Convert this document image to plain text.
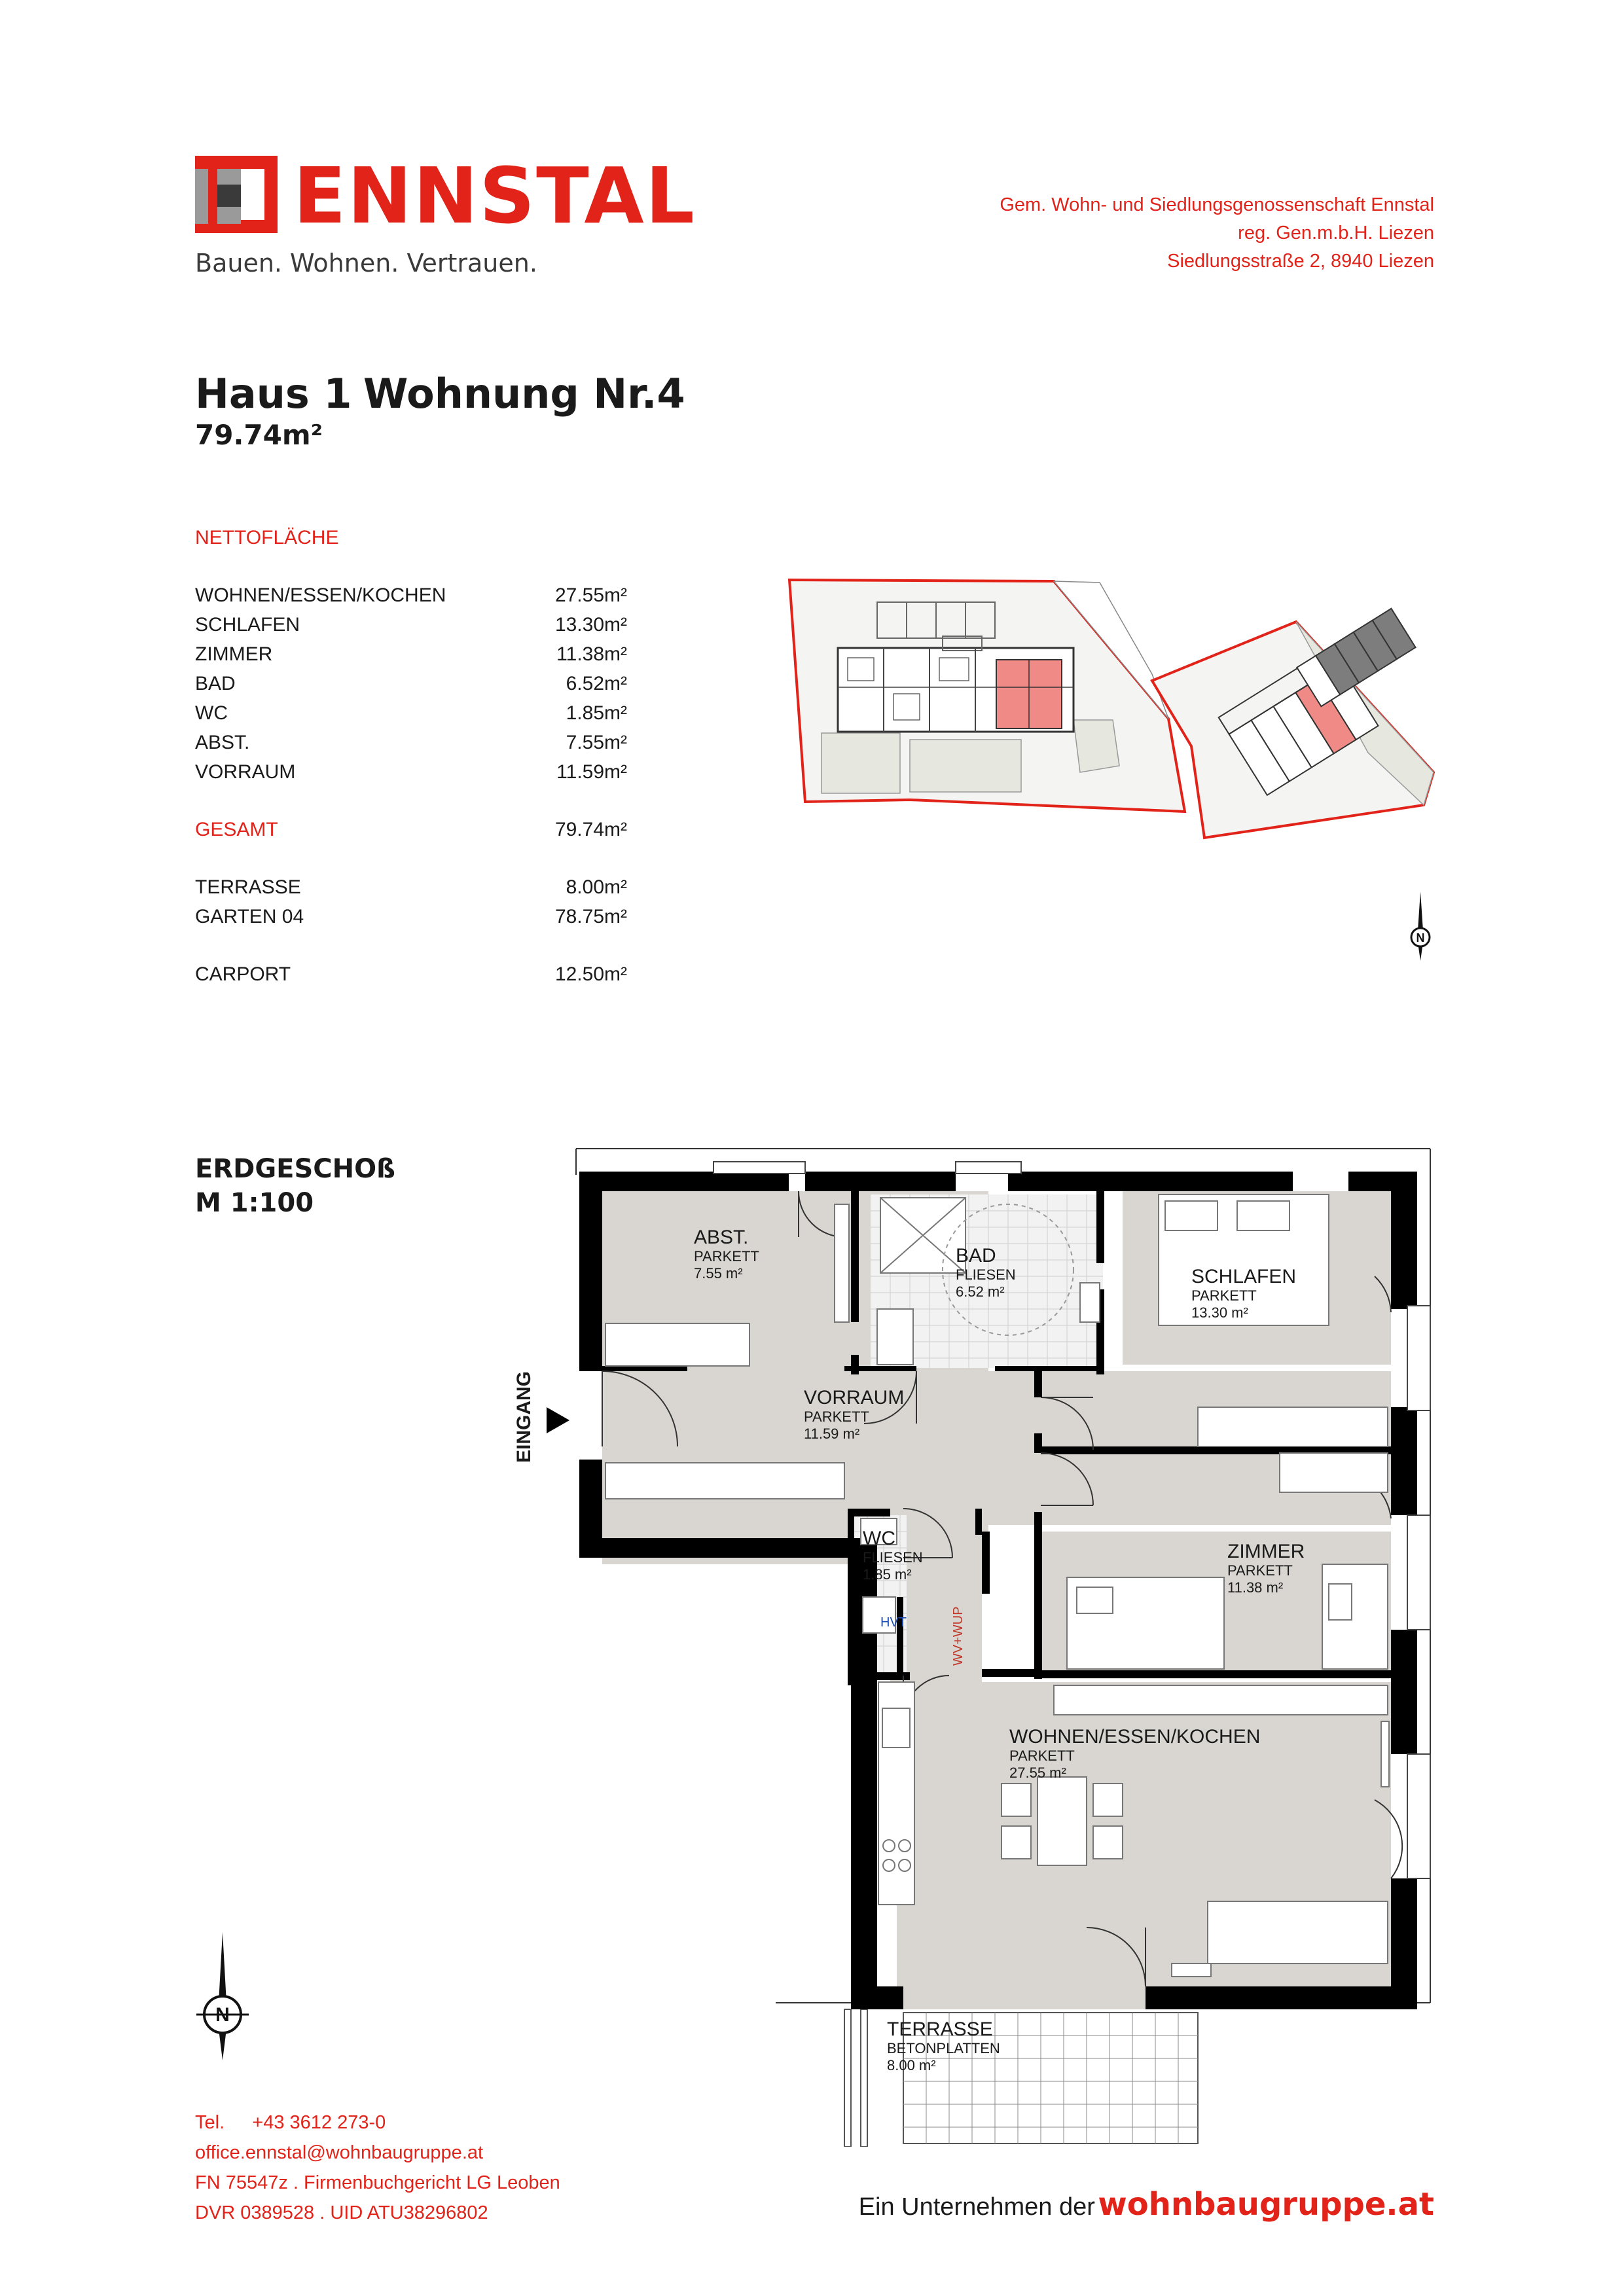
ENNSTAL
Bauen. Wohnen. Vertrauen.
Gem. Wohn- und Siedlungsgenossenschaft Ennstal
reg. Gen.m.b.H. Liezen
Siedlungsstraße 2, 8940 Liezen
Haus 1 Wohnung Nr.4
79.74m²
NETTOFLÄCHE
WOHNEN/ESSEN/KOCHEN	27.55m²
SCHLAFEN	13.30m²
ZIMMER	11.38m²
BAD	6.52m²
WC	1.85m²
ABST.	7.55m²
VORRAUM	11.59m²
GESAMT	79.74m²
TERRASSE	8.00m²
GARTEN 04	78.75m²
CARPORT	12.50m²
N
ERDGESCHOß
M 1:100
ABST.
PARKETT
7.55 m²
BAD
FLIESEN
6.52 m²
SCHLAFEN
PARKETT
13.30 m²
VORRAUM
PARKETT
11.59 m²
WC
FLIESEN
1.85 m²
ZIMMER
PARKETT
11.38 m²
WOHNEN/ESSEN/KOCHEN
PARKETT
27.55 m²
TERRASSE
BETONPLATTEN
8.00 m²
EINGANG
HVT	WV+WUP
N
Tel. +43 3612 273-0
office.ennstal@wohnbaugruppe.at
FN 75547z . Firmenbuchgericht LG Leoben
DVR 0389528 . UID ATU38296802	Ein Unternehmen der wohnbaugruppe.at
